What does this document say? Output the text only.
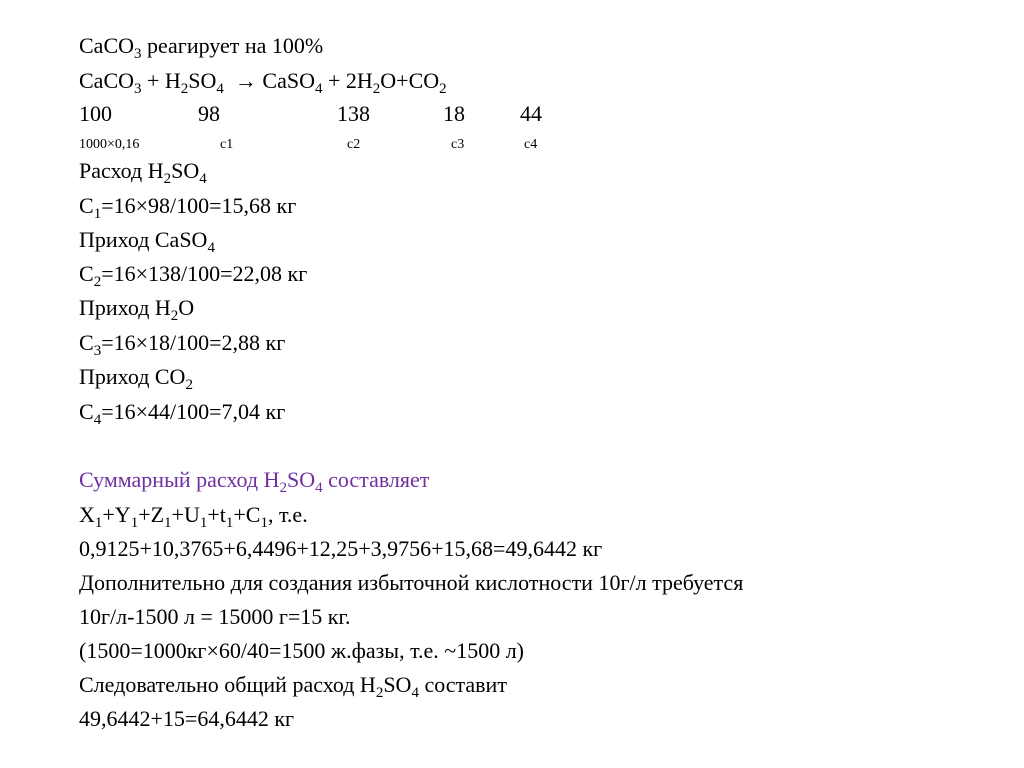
CaCO$_3$ реагирует на 100%
CaCO$_3$ + $H_2SO_4$  → CaSO$_4$ + $2H_2O+CO_2$
100	98	138	18	44
1000×0,16	c1	c2	c3	c4
Расход $H_2SO_4$
$C_1=16\times 98/100=15,68$ кг
Приход CaSO$_4$
$C_2=16\times 138/100=22,08$ кг
Приход $H_2O$
$C_3=16\times 18/100=2,88$ кг
Приход $CO_2$
$C_4=16\times 44/100=7,04$ кг
Суммарный расход $H_2SO_4$ составляет
$X_1+Y_1+Z_1+U_1+t_1+C_1$, т.е.
0,9125+10,3765+6,4496+12,25+3,9756+15,68=49,6442 кг
Дополнительно для создания избыточной кислотности 10г/л требуется
10г/л-1500 л = 15000 г=15 кг.
(1500=1000кг×60/40=1500 ж.фазы, т.е. ~1500 л)
Следовательно общий расход $H_2SO_4$ составит
49,6442+15=64,6442 кг
